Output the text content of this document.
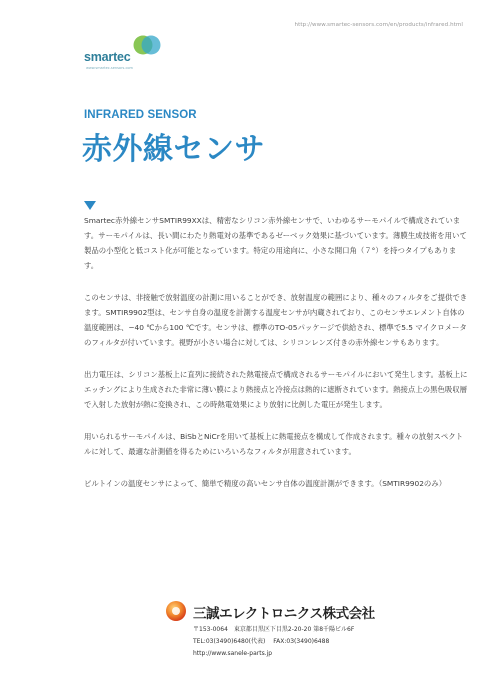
http://www.smartec-sensors.com/en/products/infrared.html
smartec
www.smartec-sensors.com
INFRARED SENSOR
赤外線センサ

Smartec赤外線センサSMTIR99XXは、精密なシリコン赤外線センサで、いわゆるサーモパイルで構成されています。サーモパイルは、長い間にわたり熱電対の基準であるゼーベック効果に基づいています。薄膜生成技術を用いて製品の小型化と低コスト化が可能となっています。特定の用途向に、小さな開口角（７°）を持つタイプもあります。

このセンサは、非接触で放射温度の計測に用いることができ、放射温度の範囲により、種々のフィルタをご提供できます。SMTIR9902型は、センサ自身の温度を計測する温度センサが内蔵されており、このセンサエレメント自体の温度範囲は、−40 ℃から100 ℃です。センサは、標準のTO-05パッケージで供給され、標準で5.5 マイクロメータのフィルタが付いています。視野が小さい場合に対しては、シリコンレンズ付きの赤外線センサもあります。

出力電圧は、シリコン基板上に直列に接続された熱電接点で構成されるサーモパイルにおいて発生します。基板上にエッチングにより生成された非常に薄い膜により熱接点と冷接点は熱的に遮断されています。熱接点上の黒色吸収層で入射した放射が熱に変換され、この時熱電効果により放射に比例した電圧が発生します。

用いられるサーモパイルは、BiSbとNiCrを用いて基板上に熱電接点を構成して作成されます。種々の放射スペクトルに対して、最適な計測値を得るためにいろいろなフィルタが用意されています。

ビルトインの温度センサによって、簡単で精度の高いセンサ自体の温度計測ができます。（SMTIR9902のみ）

三誠エレクトロニクス株式会社
〒153-0064　東京都目黒区下目黒2-20-20 第8千陽ビル6F
TEL:03(3490)6480(代表)　 FAX:03(3490)6488
http://www.sanele-parts.jp
